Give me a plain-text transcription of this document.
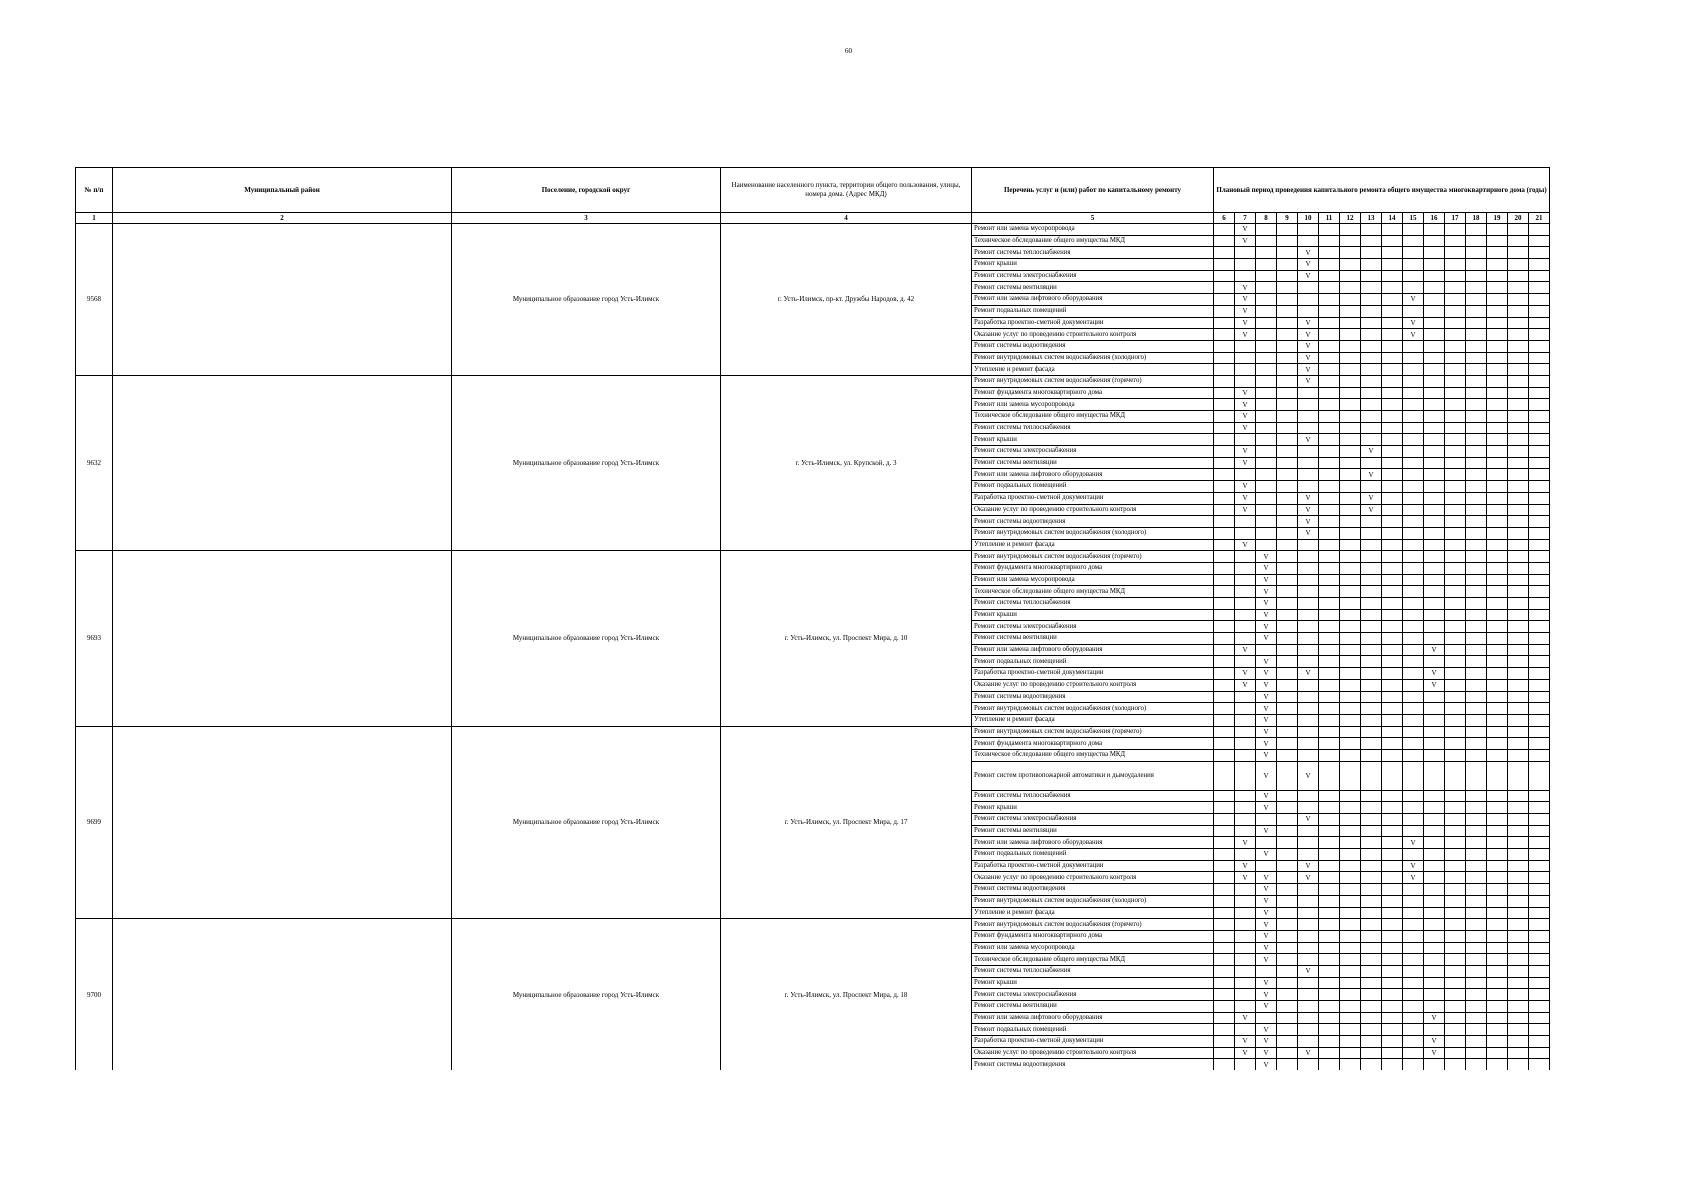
60
№ п/п	Муниципальный район	Поселение, городской округ	Наименование населенного пункта, территории общего пользования, улицы, номера дома. (Адрес МКД)	Перечень услуг и (или) работ по капитальному ремонту	Плановый период проведения капитального ремонта общего имущества многоквартирного дома (годы)															
1	2	3	4	5	6	7	8	9	10	11	12	13	14	15	16	17	18	19	20	21
9568		Муниципальное образование город Усть-Илимск	г. Усть-Илимск, пр-кт. Дружбы Народов, д. 42	Ремонт или замена мусоропровода		V														
				Техническое обследование общего имущества МКД		V														
				Ремонт системы теплоснабжения					V											
				Ремонт крыши					V											
				Ремонт системы электроснабжения					V											
				Ремонт системы вентиляции		V														
				Ремонт или замена лифтового оборудования		V								V						
				Ремонт подвальных помещений		V														
				Разработка проектно-сметной документации		V			V					V						
				Оказание услуг по проведению строительного контроля		V			V					V						
				Ремонт системы водоотведения					V											
				Ремонт внутридомовых систем водоснабжения (холодного)					V											
				Утепление и ремонт фасада					V											
9632		Муниципальное образование город Усть-Илимск	г. Усть-Илимск, ул. Крупской, д. 3	Ремонт внутридомовых систем водоснабжения (горячего)					V											
				Ремонт фундамента многоквартирного дома		V														
				Ремонт или замена мусоропровода		V														
				Техническое обследование общего имущества МКД		V														
				Ремонт системы теплоснабжения		V														
				Ремонт крыши					V											
				Ремонт системы электроснабжения		V						V								
				Ремонт системы вентиляции		V														
				Ремонт или замена лифтового оборудования								V								
				Ремонт подвальных помещений		V														
				Разработка проектно-сметной документации		V			V			V								
				Оказание услуг по проведению строительного контроля		V			V			V								
				Ремонт системы водоотведения					V											
				Ремонт внутридомовых систем водоснабжения (холодного)					V											
				Утепление и ремонт фасада		V														
9693		Муниципальное образование город Усть-Илимск	г. Усть-Илимск, ул. Проспект Мира, д. 10	Ремонт внутридомовых систем водоснабжения (горячего)			V													
				Ремонт фундамента многоквартирного дома			V													
				Ремонт или замена мусоропровода			V													
				Техническое обследование общего имущества МКД			V													
				Ремонт системы теплоснабжения			V													
				Ремонт крыши			V													
				Ремонт системы электроснабжения			V													
				Ремонт системы вентиляции			V													
				Ремонт или замена лифтового оборудования		V									V					
				Ремонт подвальных помещений			V													
				Разработка проектно-сметной документации		V	V		V						V					
				Оказание услуг по проведению строительного контроля		V	V								V					
				Ремонт системы водоотведения			V													
				Ремонт внутридомовых систем водоснабжения (холодного)			V													
				Утепление и ремонт фасада			V													
9699		Муниципальное образование город Усть-Илимск	г. Усть-Илимск, ул. Проспект Мира, д. 17	Ремонт внутридомовых систем водоснабжения (горячего)			V													
				Ремонт фундамента многоквартирного дома			V													
				Техническое обследование общего имущества МКД			V													
				Ремонт систем противопожарной автоматики и дымоудаления			V		V											
				Ремонт системы теплоснабжения			V													
				Ремонт крыши			V													
				Ремонт системы электроснабжения					V											
				Ремонт системы вентиляции			V													
				Ремонт или замена лифтового оборудования		V								V						
				Ремонт подвальных помещений			V													
				Разработка проектно-сметной документации		V			V					V						
				Оказание услуг по проведению строительного контроля		V	V		V					V						
				Ремонт системы водоотведения			V													
				Ремонт внутридомовых систем водоснабжения (холодного)			V													
				Утепление и ремонт фасада			V													
9700		Муниципальное образование город Усть-Илимск	г. Усть-Илимск, ул. Проспект Мира, д. 18	Ремонт внутридомовых систем водоснабжения (горячего)			V													
				Ремонт фундамента многоквартирного дома			V													
				Ремонт или замена мусоропровода			V													
				Техническое обследование общего имущества МКД			V													
				Ремонт системы теплоснабжения					V											
				Ремонт крыши			V													
				Ремонт системы электроснабжения			V													
				Ремонт системы вентиляции			V													
				Ремонт или замена лифтового оборудования		V									V					
				Ремонт подвальных помещений			V													
				Разработка проектно-сметной документации		V	V								V					
				Оказание услуг по проведению строительного контроля		V	V		V						V					
				Ремонт системы водоотведения			V													
